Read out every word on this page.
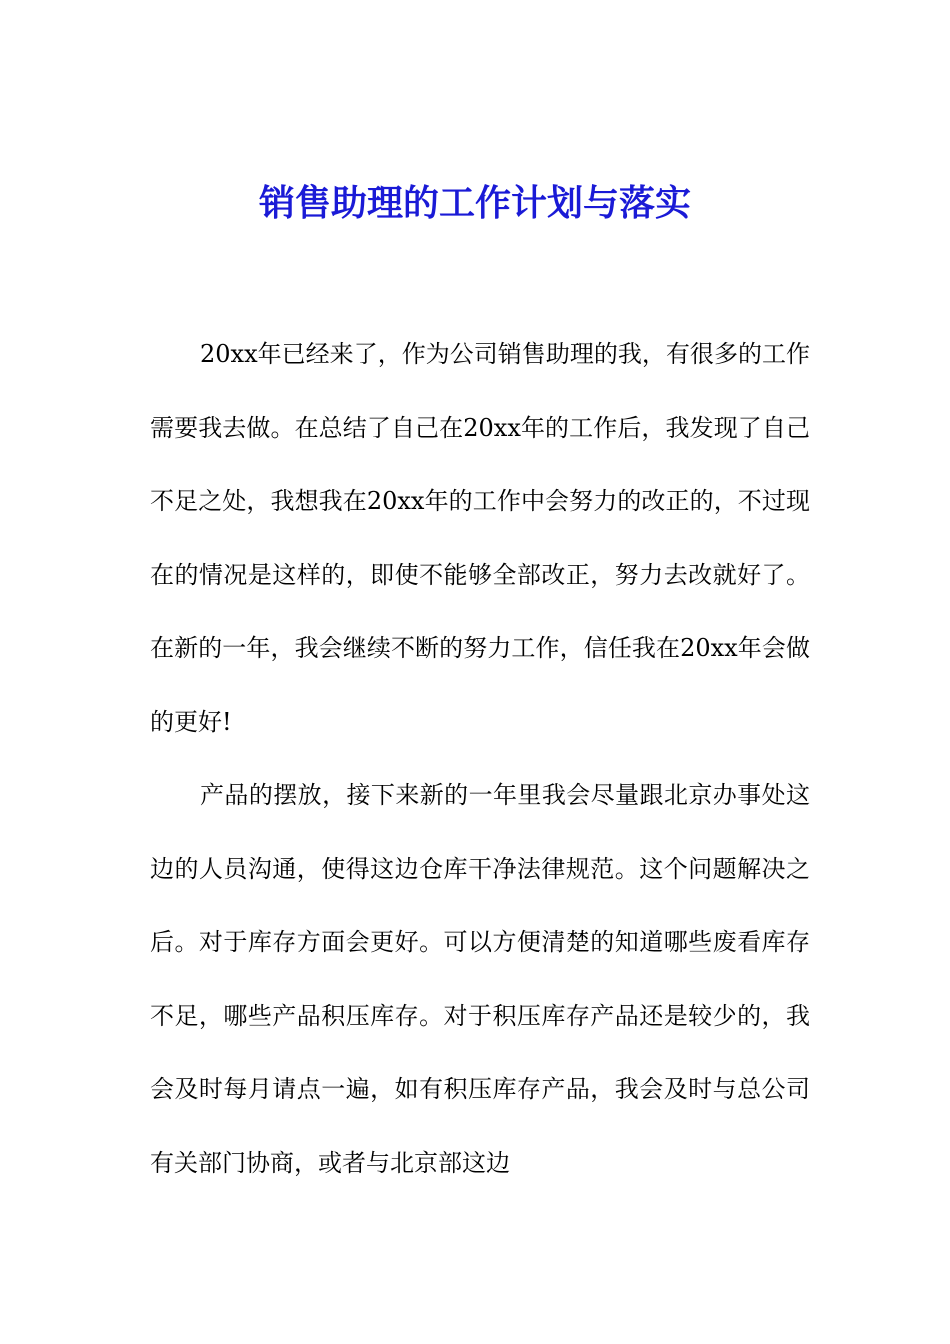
销售助理的工作计划与落实

20xx年已经来了，作为公司销售助理的我，有很多的工作需要我去做。在总结了自己在20xx年的工作后，我发现了自己不足之处，我想我在20xx年的工作中会努力的改正的，不过现在的情况是这样的，即使不能够全部改正，努力去改就好了。在新的一年，我会继续不断的努力工作，信任我在20xx年会做的更好!

产品的摆放，接下来新的一年里我会尽量跟北京办事处这边的人员沟通，使得这边仓库干净法律规范。这个问题解决之后。对于库存方面会更好。可以方便清楚的知道哪些废看库存不足，哪些产品积压库存。对于积压库存产品还是较少的，我会及时每月请点一遍，如有积压库存产品，我会及时与总公司有关部门协商，或者与北京部这边
